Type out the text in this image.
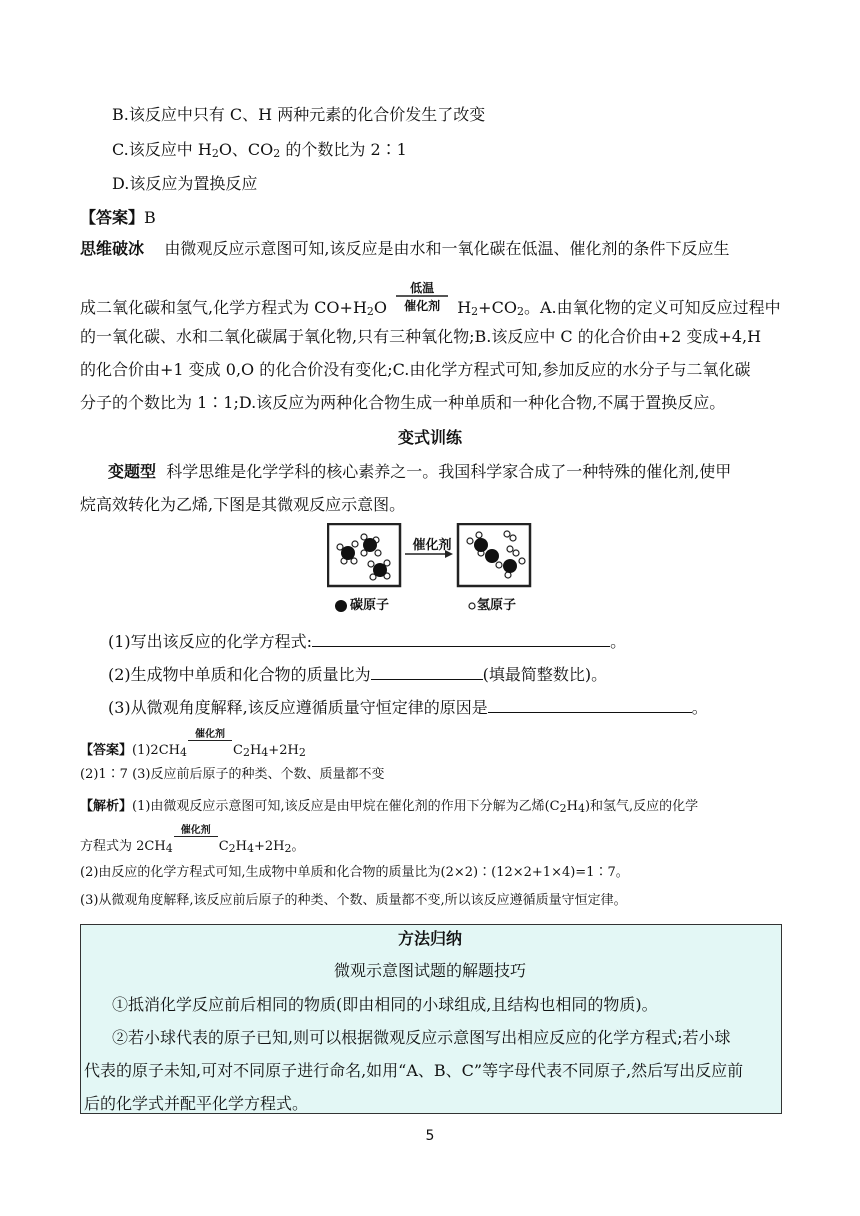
B.该反应中只有 C、H 两种元素的化合价发生了改变
C.该反应中 $H_2O$、$CO_2$ 的个数比为 2∶1
D.该反应为置换反应
【答案】B
思维破冰 由微观反应示意图可知,该反应是由水和一氧化碳在低温、催化剂的条件下反应生
成二氧化碳和氢气,化学方程式为 $CO+H_2O$
低温
催化剂	$H_2+CO_2$。A.由氧化物的定义可知反应过程中
的一氧化碳、水和二氧化碳属于氧化物,只有三种氧化物;B.该反应中 C 的化合价由+2 变成+4,H
的化合价由+1 变成 0,O 的化合价没有变化;C.由化学方程式可知,参加反应的水分子与二氧化碳
分子的个数比为 1∶1;D.该反应为两种化合物生成一种单质和一种化合物,不属于置换反应。
变式训练
变题型 科学思维是化学学科的核心素养之一。我国科学家合成了一种特殊的催化剂,使甲
烷高效转化为乙烯,下图是其微观反应示意图。
催化剂
碳原子	氢原子
(1)写出该反应的化学方程式:	。
(2)生成物中单质和化合物的质量比为	(填最简整数比)。
(3)从微观角度解释,该反应遵循质量守恒定律的原因是	。
【答案】$(1)2CH_4$
催化剂
$C_2H_4+2H_2$
(2)1∶7 (3)反应前后原子的种类、个数、质量都不变
【解析】(1)由微观反应示意图可知,该反应是由甲烷在催化剂的作用下分解为乙烯$(C_2H_4)$和氢气,反应的化学
方程式为 $2CH_4$
催化剂
$C_2H_4+2H_2$。
(2)由反应的化学方程式可知,生成物中单质和化合物的质量比为(2×2)∶(12×2+1×4)=1∶7。
(3)从微观角度解释,该反应前后原子的种类、个数、质量都不变,所以该反应遵循质量守恒定律。
方法归纳
微观示意图试题的解题技巧
①抵消化学反应前后相同的物质(即由相同的小球组成,且结构也相同的物质)。
②若小球代表的原子已知,则可以根据微观反应示意图写出相应反应的化学方程式;若小球
代表的原子未知,可对不同原子进行命名,如用“A、B、C”等字母代表不同原子,然后写出反应前
后的化学式并配平化学方程式。
5
